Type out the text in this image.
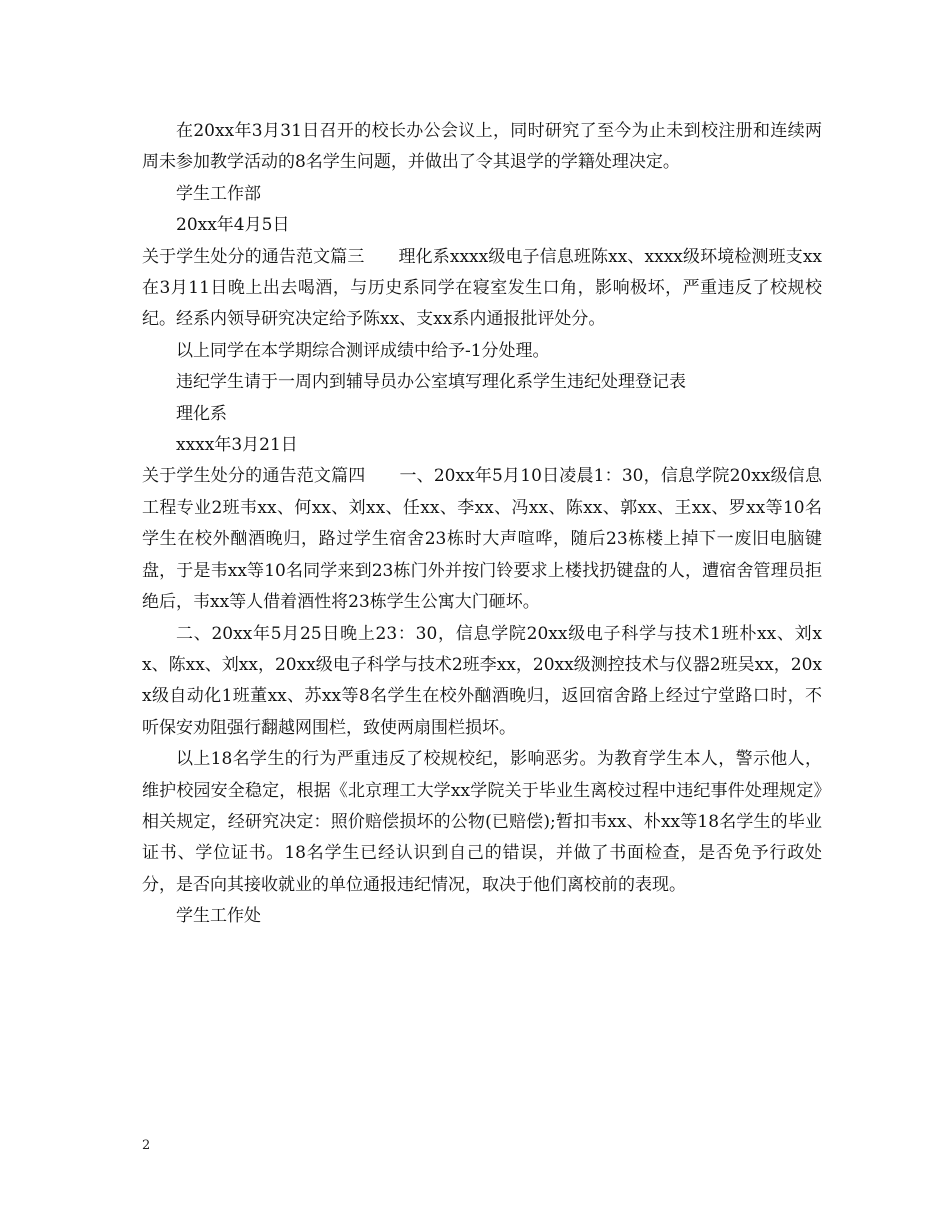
在20xx年3月31日召开的校长办公会议上，同时研究了至今为止未到校注册和连续两周未参加教学活动的8名学生问题，并做出了令其退学的学籍处理决定。

学生工作部

20xx年4月5日

关于学生处分的通告范文篇三 理化系xxxx级电子信息班陈xx、xxxx级环境检测班支xx在3月11日晚上出去喝酒，与历史系同学在寝室发生口角，影响极坏，严重违反了校规校纪。经系内领导研究决定给予陈xx、支xx系内通报批评处分。

以上同学在本学期综合测评成绩中给予-1分处理。

违纪学生请于一周内到辅导员办公室填写理化系学生违纪处理登记表

理化系

xxxx年3月21日

关于学生处分的通告范文篇四 一、20xx年5月10日凌晨1：30，信息学院20xx级信息工程专业2班韦xx、何xx、刘xx、任xx、李xx、冯xx、陈xx、郭xx、王xx、罗xx等10名学生在校外酗酒晚归，路过学生宿舍23栋时大声喧哗，随后23栋楼上掉下一废旧电脑键盘，于是韦xx等10名同学来到23栋门外并按门铃要求上楼找扔键盘的人，遭宿舍管理员拒绝后，韦xx等人借着酒性将23栋学生公寓大门砸坏。

二、20xx年5月25日晚上23：30，信息学院20xx级电子科学与技术1班朴xx、刘xx、陈xx、刘xx，20xx级电子科学与技术2班李xx，20xx级测控技术与仪器2班吴xx，20xx级自动化1班董xx、苏xx等8名学生在校外酗酒晚归，返回宿舍路上经过宁堂路口时，不听保安劝阻强行翻越网围栏，致使两扇围栏损坏。

以上18名学生的行为严重违反了校规校纪，影响恶劣。为教育学生本人，警示他人，维护校园安全稳定，根据《北京理工大学xx学院关于毕业生离校过程中违纪事件处理规定》相关规定，经研究决定：照价赔偿损坏的公物(已赔偿);暂扣韦xx、朴xx等18名学生的毕业证书、学位证书。18名学生已经认识到自己的错误，并做了书面检查，是否免予行政处分，是否向其接收就业的单位通报违纪情况，取决于他们离校前的表现。

学生工作处

2
